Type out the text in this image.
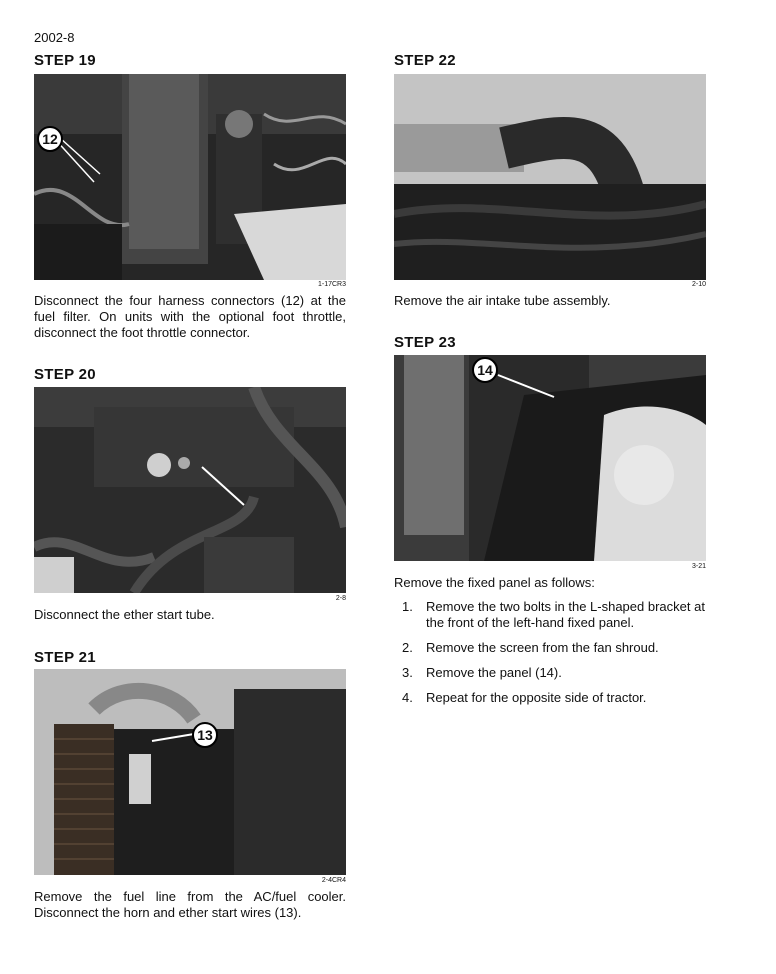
2002-8
STEP 19
12
1-17CR3
Disconnect the four harness connectors (12) at the fuel filter. On units with the optional foot throttle, disconnect the foot throttle connector.
STEP 20
2-8
Disconnect the ether start tube.
STEP 21
13
2-4CR4
Remove the fuel line from the AC/fuel cooler. Disconnect the horn and ether start wires (13).
STEP 22
2-10
Remove the air intake tube assembly.
STEP 23
14
3-21
Remove the fixed panel as follows:
1.	Remove the two bolts in the L-shaped bracket at the front of the left-hand fixed panel.
2.	Remove the screen from the fan shroud.
3.	Remove the panel (14).
4.	Repeat for the opposite side of tractor.
